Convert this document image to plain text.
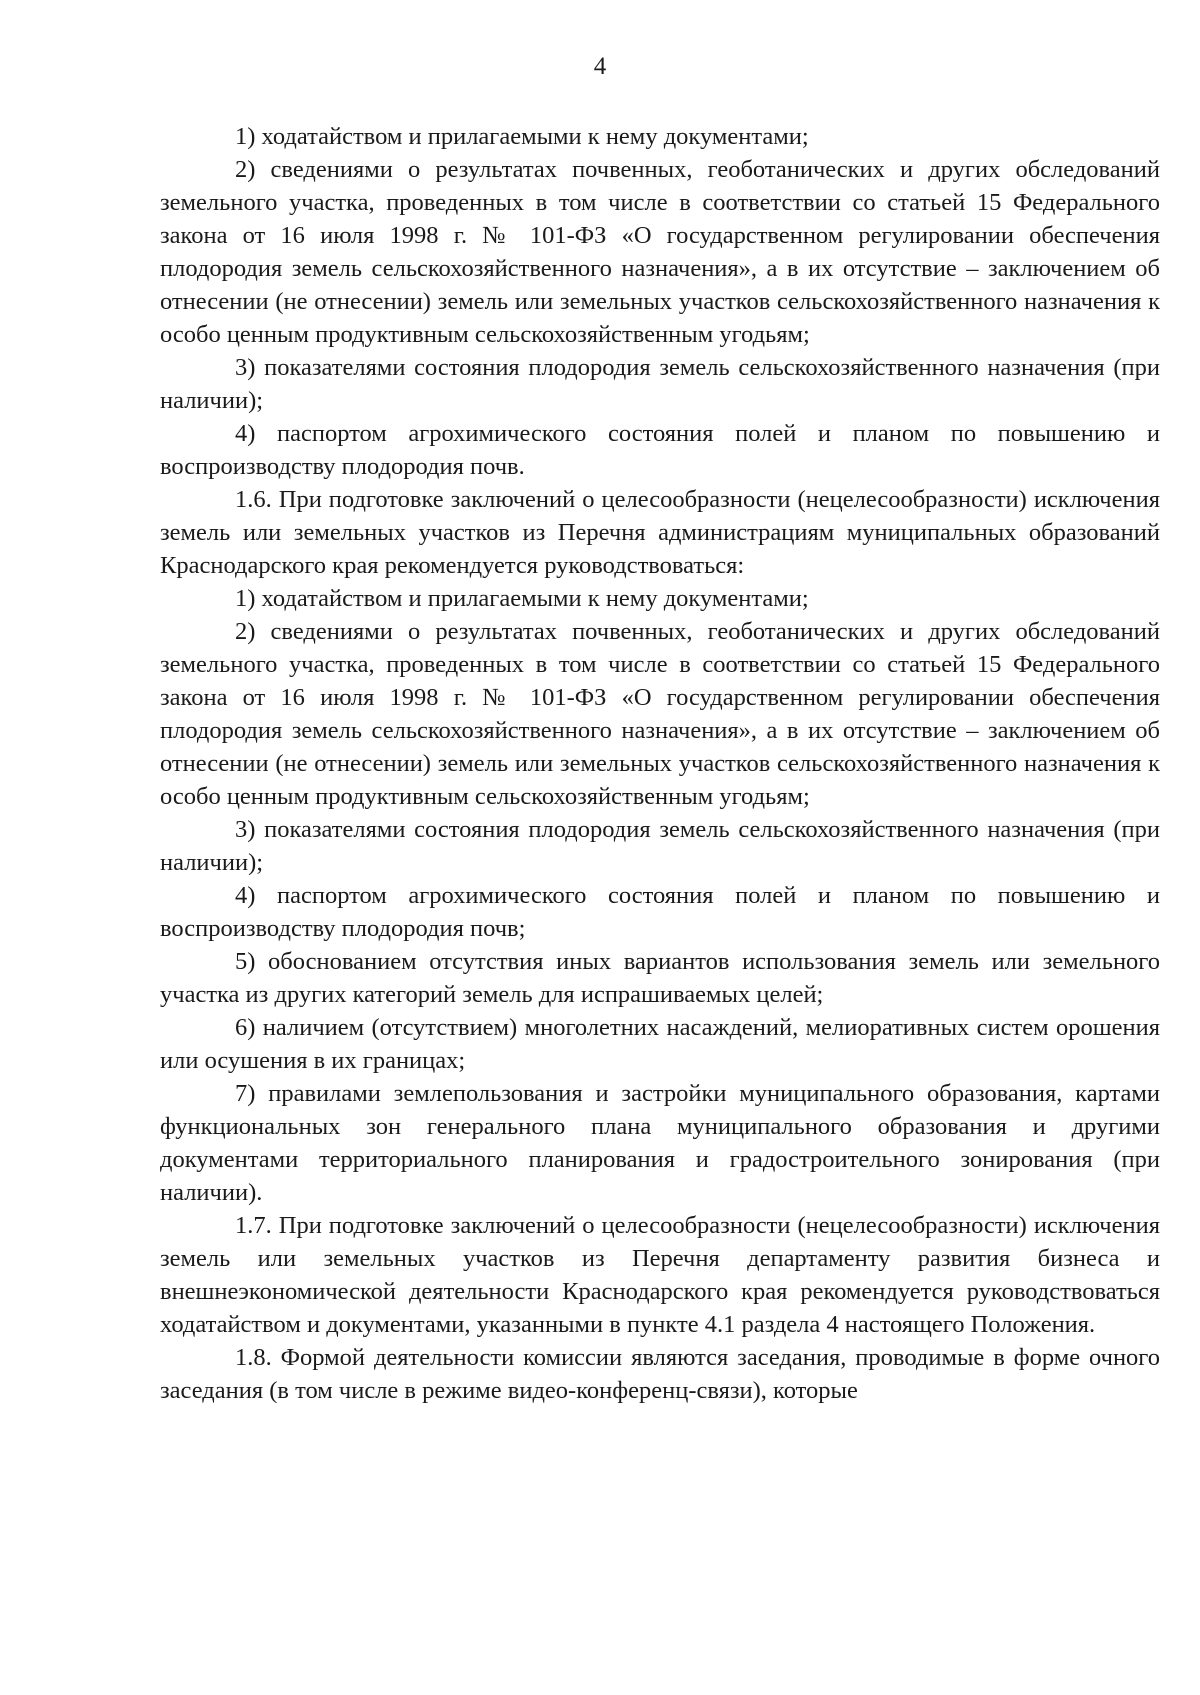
4

1) ходатайством и прилагаемыми к нему документами;

2) сведениями о результатах почвенных, геоботанических и других обследований земельного участка, проведенных в том числе в соответствии со статьей 15 Федерального закона от 16 июля 1998 г. № 101-ФЗ «О государственном регулировании обеспечения плодородия земель сельскохозяйственного назначения», а в их отсутствие – заключением об отнесении (не отнесении) земель или земельных участков сельскохозяйственного назначения к особо ценным продуктивным сельскохозяйственным угодьям;

3) показателями состояния плодородия земель сельскохозяйственного назначения (при наличии);

4) паспортом агрохимического состояния полей и планом по повышению и воспроизводству плодородия почв.

1.6. При подготовке заключений о целесообразности (нецелесообразности) исключения земель или земельных участков из Перечня администрациям муниципальных образований Краснодарского края рекомендуется руководствоваться:

1) ходатайством и прилагаемыми к нему документами;

2) сведениями о результатах почвенных, геоботанических и других обследований земельного участка, проведенных в том числе в соответствии со статьей 15 Федерального закона от 16 июля 1998 г. № 101-ФЗ «О государственном регулировании обеспечения плодородия земель сельскохозяйственного назначения», а в их отсутствие – заключением об отнесении (не отнесении) земель или земельных участков сельскохозяйственного назначения к особо ценным продуктивным сельскохозяйственным угодьям;

3) показателями состояния плодородия земель сельскохозяйственного назначения (при наличии);

4) паспортом агрохимического состояния полей и планом по повышению и воспроизводству плодородия почв;

5) обоснованием отсутствия иных вариантов использования земель или земельного участка из других категорий земель для испрашиваемых целей;

6) наличием (отсутствием) многолетних насаждений, мелиоративных систем орошения или осушения в их границах;

7) правилами землепользования и застройки муниципального образования, картами функциональных зон генерального плана муниципального образования и другими документами территориального планирования и градостроительного зонирования (при наличии).

1.7. При подготовке заключений о целесообразности (нецелесообразности) исключения земель или земельных участков из Перечня департаменту развития бизнеса и внешнеэкономической деятельности Краснодарского края рекомендуется руководствоваться ходатайством и документами, указанными в пункте 4.1 раздела 4 настоящего Положения.

1.8. Формой деятельности комиссии являются заседания, проводимые в форме очного заседания (в том числе в режиме видео-конференц-связи), которые
